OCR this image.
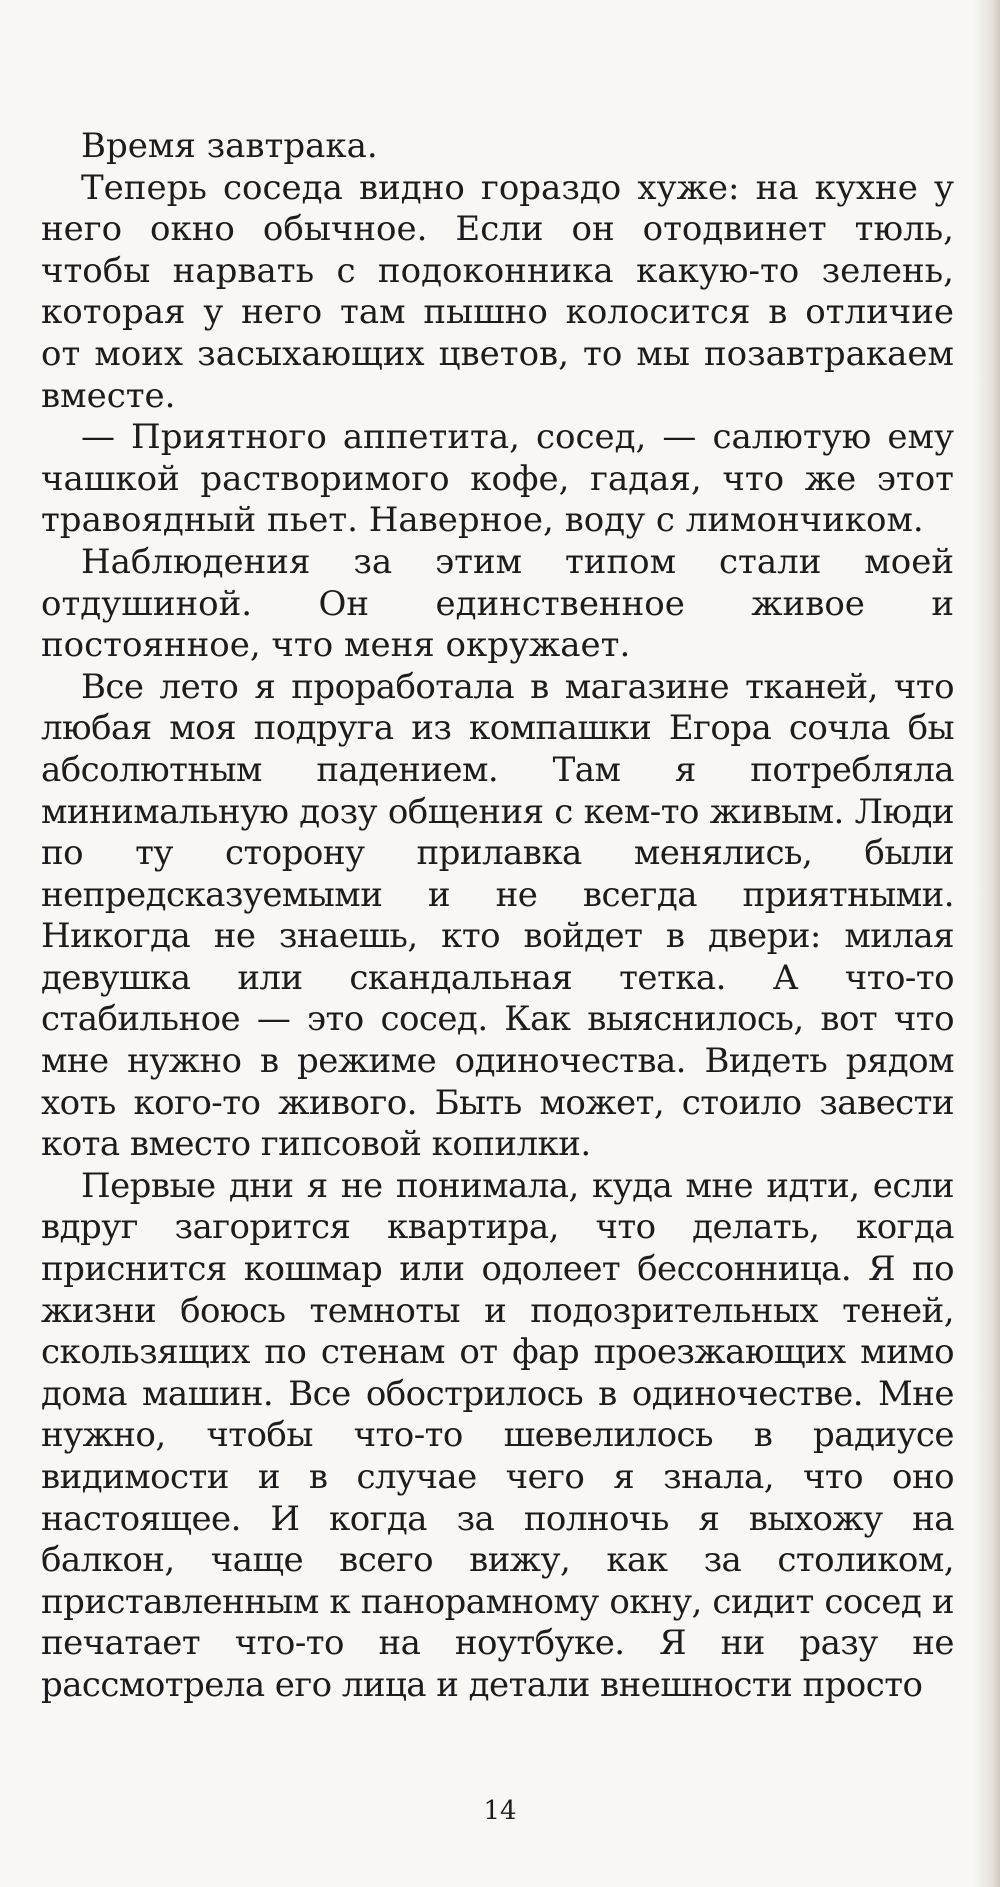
Время завтрака.

Теперь соседа видно гораздо хуже: на кухне у него окно обычное. Если он отодвинет тюль, чтобы нарвать с подоконника какую-то зелень, которая у него там пышно колосится в отличие от моих засыхающих цветов, то мы позавтракаем вместе.

— Приятного аппетита, сосед, — салютую ему чашкой растворимого кофе, гадая, что же этот травоядный пьет. Наверное, воду с лимончиком.

Наблюдения за этим типом стали моей отдушиной. Он единственное живое и постоянное, что меня окружает.

Все лето я проработала в магазине тканей, что любая моя подруга из компашки Егора сочла бы абсолютным падением. Там я потребляла минимальную дозу общения с кем-то живым. Люди по ту сторону прилавка менялись, были непредсказуемыми и не всегда приятными. Никогда не знаешь, кто войдет в двери: милая девушка или скандальная тетка. А что-то стабильное — это сосед. Как выяснилось, вот что мне нужно в режиме одиночества. Видеть рядом хоть кого-то живого. Быть может, стоило завести кота вместо гипсовой копилки.

Первые дни я не понимала, куда мне идти, если вдруг загорится квартира, что делать, когда приснится кошмар или одолеет бессонница. Я по жизни боюсь темноты и подозрительных теней, скользящих по стенам от фар проезжающих мимо дома машин. Все обострилось в одиночестве. Мне нужно, чтобы что-то шевелилось в радиусе видимости и в случае чего я знала, что оно настоящее. И когда за полночь я выхожу на балкон, чаще всего вижу, как за столиком, приставленным к панорамному окну, сидит сосед и печатает что-то на ноутбуке. Я ни разу не рассмотрела его лица и детали внешности просто

14
